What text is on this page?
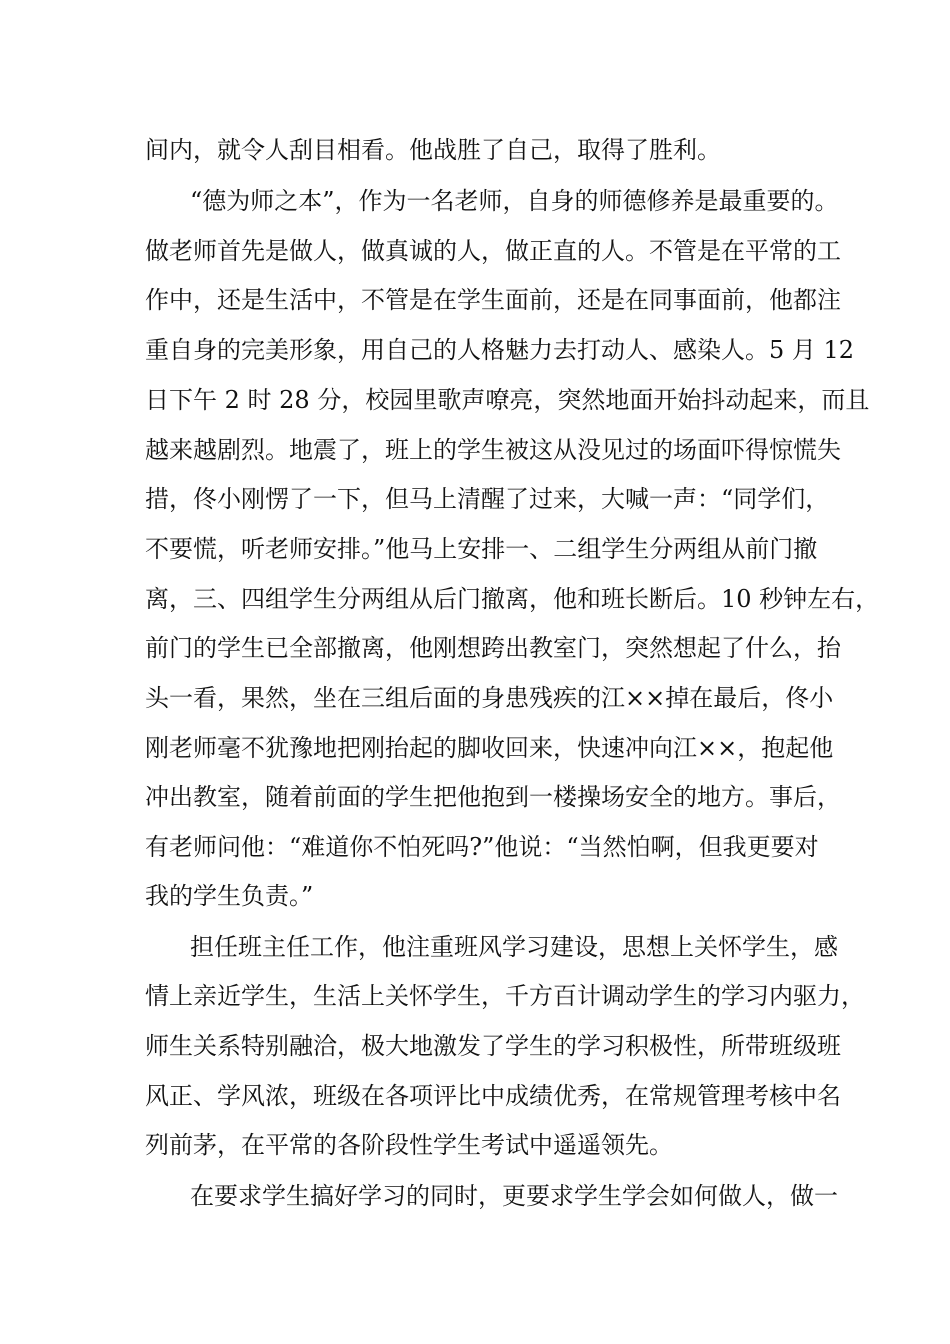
间内，就令人刮目相看。他战胜了自己，取得了胜利。
“德为师之本”，作为一名老师，自身的师德修养是最重要的。
做老师首先是做人，做真诚的人，做正直的人。不管是在平常的工
作中，还是生活中，不管是在学生面前，还是在同事面前，他都注
重自身的完美形象，用自己的人格魅力去打动人、感染人。5 月 12
日下午 2 时 28 分，校园里歌声嘹亮，突然地面开始抖动起来，而且
越来越剧烈。地震了，班上的学生被这从没见过的场面吓得惊慌失
措，佟小刚愣了一下，但马上清醒了过来，大喊一声：“同学们，
不要慌，听老师安排。”他马上安排一、二组学生分两组从前门撤
离，三、四组学生分两组从后门撤离，他和班长断后。10 秒钟左右，
前门的学生已全部撤离，他刚想跨出教室门，突然想起了什么，抬
头一看，果然，坐在三组后面的身患残疾的江××掉在最后，佟小
刚老师毫不犹豫地把刚抬起的脚收回来，快速冲向江××，抱起他
冲出教室，随着前面的学生把他抱到一楼操场安全的地方。事后，
有老师问他：“难道你不怕死吗?”他说：“当然怕啊，但我更要对
我的学生负责。”
担任班主任工作，他注重班风学习建设，思想上关怀学生，感
情上亲近学生，生活上关怀学生，千方百计调动学生的学习内驱力，
师生关系特别融洽，极大地激发了学生的学习积极性，所带班级班
风正、学风浓，班级在各项评比中成绩优秀，在常规管理考核中名
列前茅，在平常的各阶段性学生考试中遥遥领先。
在要求学生搞好学习的同时，更要求学生学会如何做人，做一
